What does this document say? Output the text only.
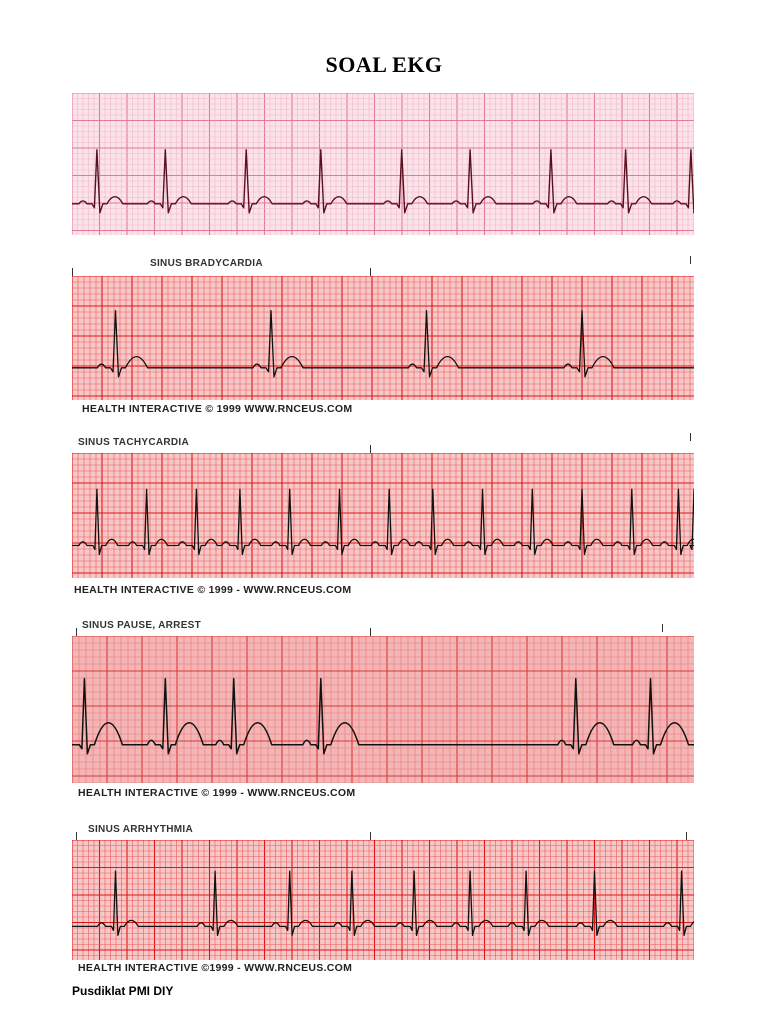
SOAL EKG
SINUS BRADYCARDIA
HEALTH INTERACTIVE © 1999 WWW.RNCEUS.COM
SINUS TACHYCARDIA
HEALTH INTERACTIVE © 1999 - WWW.RNCEUS.COM
SINUS PAUSE, ARREST
HEALTH INTERACTIVE © 1999 - WWW.RNCEUS.COM
SINUS ARRHYTHMIA
HEALTH INTERACTIVE ©1999 - WWW.RNCEUS.COM
Pusdiklat PMI DIY
